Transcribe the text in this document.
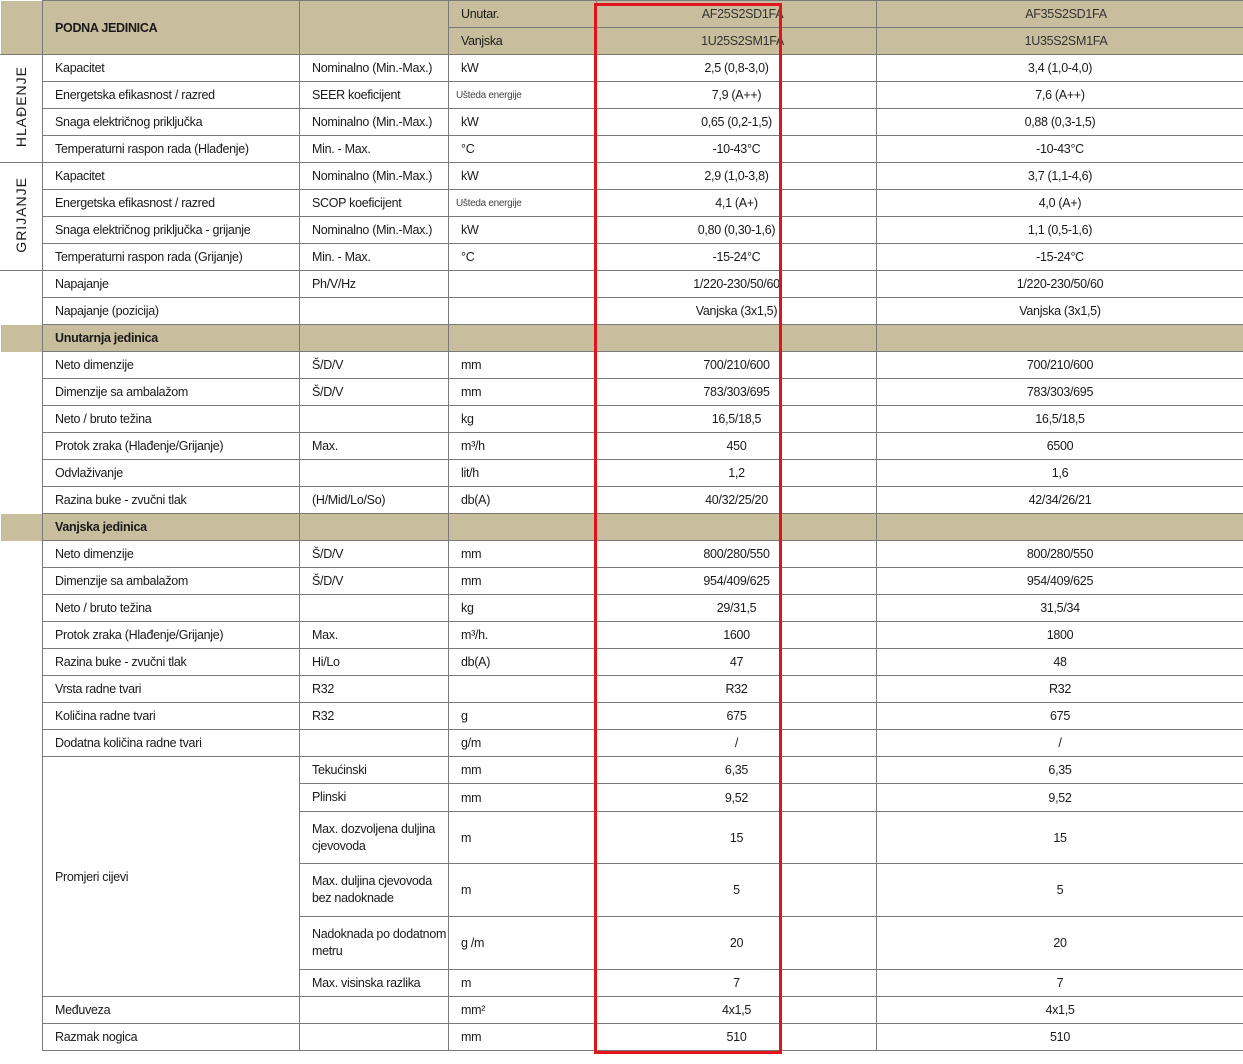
	PODNA JEDINICA		Unutar.	AF25S2SD1FA	AF35S2SD1FA
			Vanjska	1U25S2SM1FA	1U35S2SM1FA
HLAĐENJE	Kapacitet	Nominalno (Min.-Max.)	kW	2,5 (0,8-3,0)	3,4 (1,0-4,0)
	Energetska efikasnost / razred	SEER koeficijent	Ušteda energije	7,9 (A++)	7,6 (A++)
	Snaga električnog priključka	Nominalno (Min.-Max.)	kW	0,65 (0,2-1,5)	0,88 (0,3-1,5)
	Temperaturni raspon rada (Hlađenje)	Min. - Max.	°C	-10-43°C	-10-43°C
GRIJANJE	Kapacitet	Nominalno (Min.-Max.)	kW	2,9 (1,0-3,8)	3,7 (1,1-4,6)
	Energetska efikasnost / razred	SCOP koeficijent	Ušteda energije	4,1 (A+)	4,0 (A+)
	Snaga električnog priključka - grijanje	Nominalno (Min.-Max.)	kW	0,80 (0,30-1,6)	1,1 (0,5-1,6)
	Temperaturni raspon rada (Grijanje)	Min. - Max.	°C	-15-24°C	-15-24°C
	Napajanje	Ph/V/Hz		1/220-230/50/60	1/220-230/50/60
	Napajanje (pozicija)			Vanjska (3x1,5)	Vanjska (3x1,5)
	Unutarnja jedinica				
	Neto dimenzije	Š/D/V	mm	700/210/600	700/210/600
	Dimenzije sa ambalažom	Š/D/V	mm	783/303/695	783/303/695
	Neto / bruto težina		kg	16,5/18,5	16,5/18,5
	Protok zraka (Hlađenje/Grijanje)	Max.	m³/h	450	6500
	Odvlaživanje		lit/h	1,2	1,6
	Razina buke - zvučni tlak	(H/Mid/Lo/So)	db(A)	40/32/25/20	42/34/26/21
	Vanjska jedinica				
	Neto dimenzije	Š/D/V	mm	800/280/550	800/280/550
	Dimenzije sa ambalažom	Š/D/V	mm	954/409/625	954/409/625
	Neto / bruto težina		kg	29/31,5	31,5/34
	Protok zraka (Hlađenje/Grijanje)	Max.	m³/h.	1600	1800
	Razina buke - zvučni tlak	Hi/Lo	db(A)	47	48
	Vrsta radne tvari	R32		R32	R32
	Količina radne tvari	R32	g	675	675
	Dodatna količina radne tvari		g/m	/	/
	Promjeri cijevi	Tekućinski	mm	6,35	6,35
		Plinski	mm	9,52	9,52
		Max. dozvoljena duljina cjevovoda	m	15	15
		Max. duljina cjevovoda bez nadoknade	m	5	5
		Nadoknada po dodatnom metru	g /m	20	20
		Max. visinska razlika	m	7	7
	Međuveza		mm²	4x1,5	4x1,5
	Razmak nogica		mm	510	510
